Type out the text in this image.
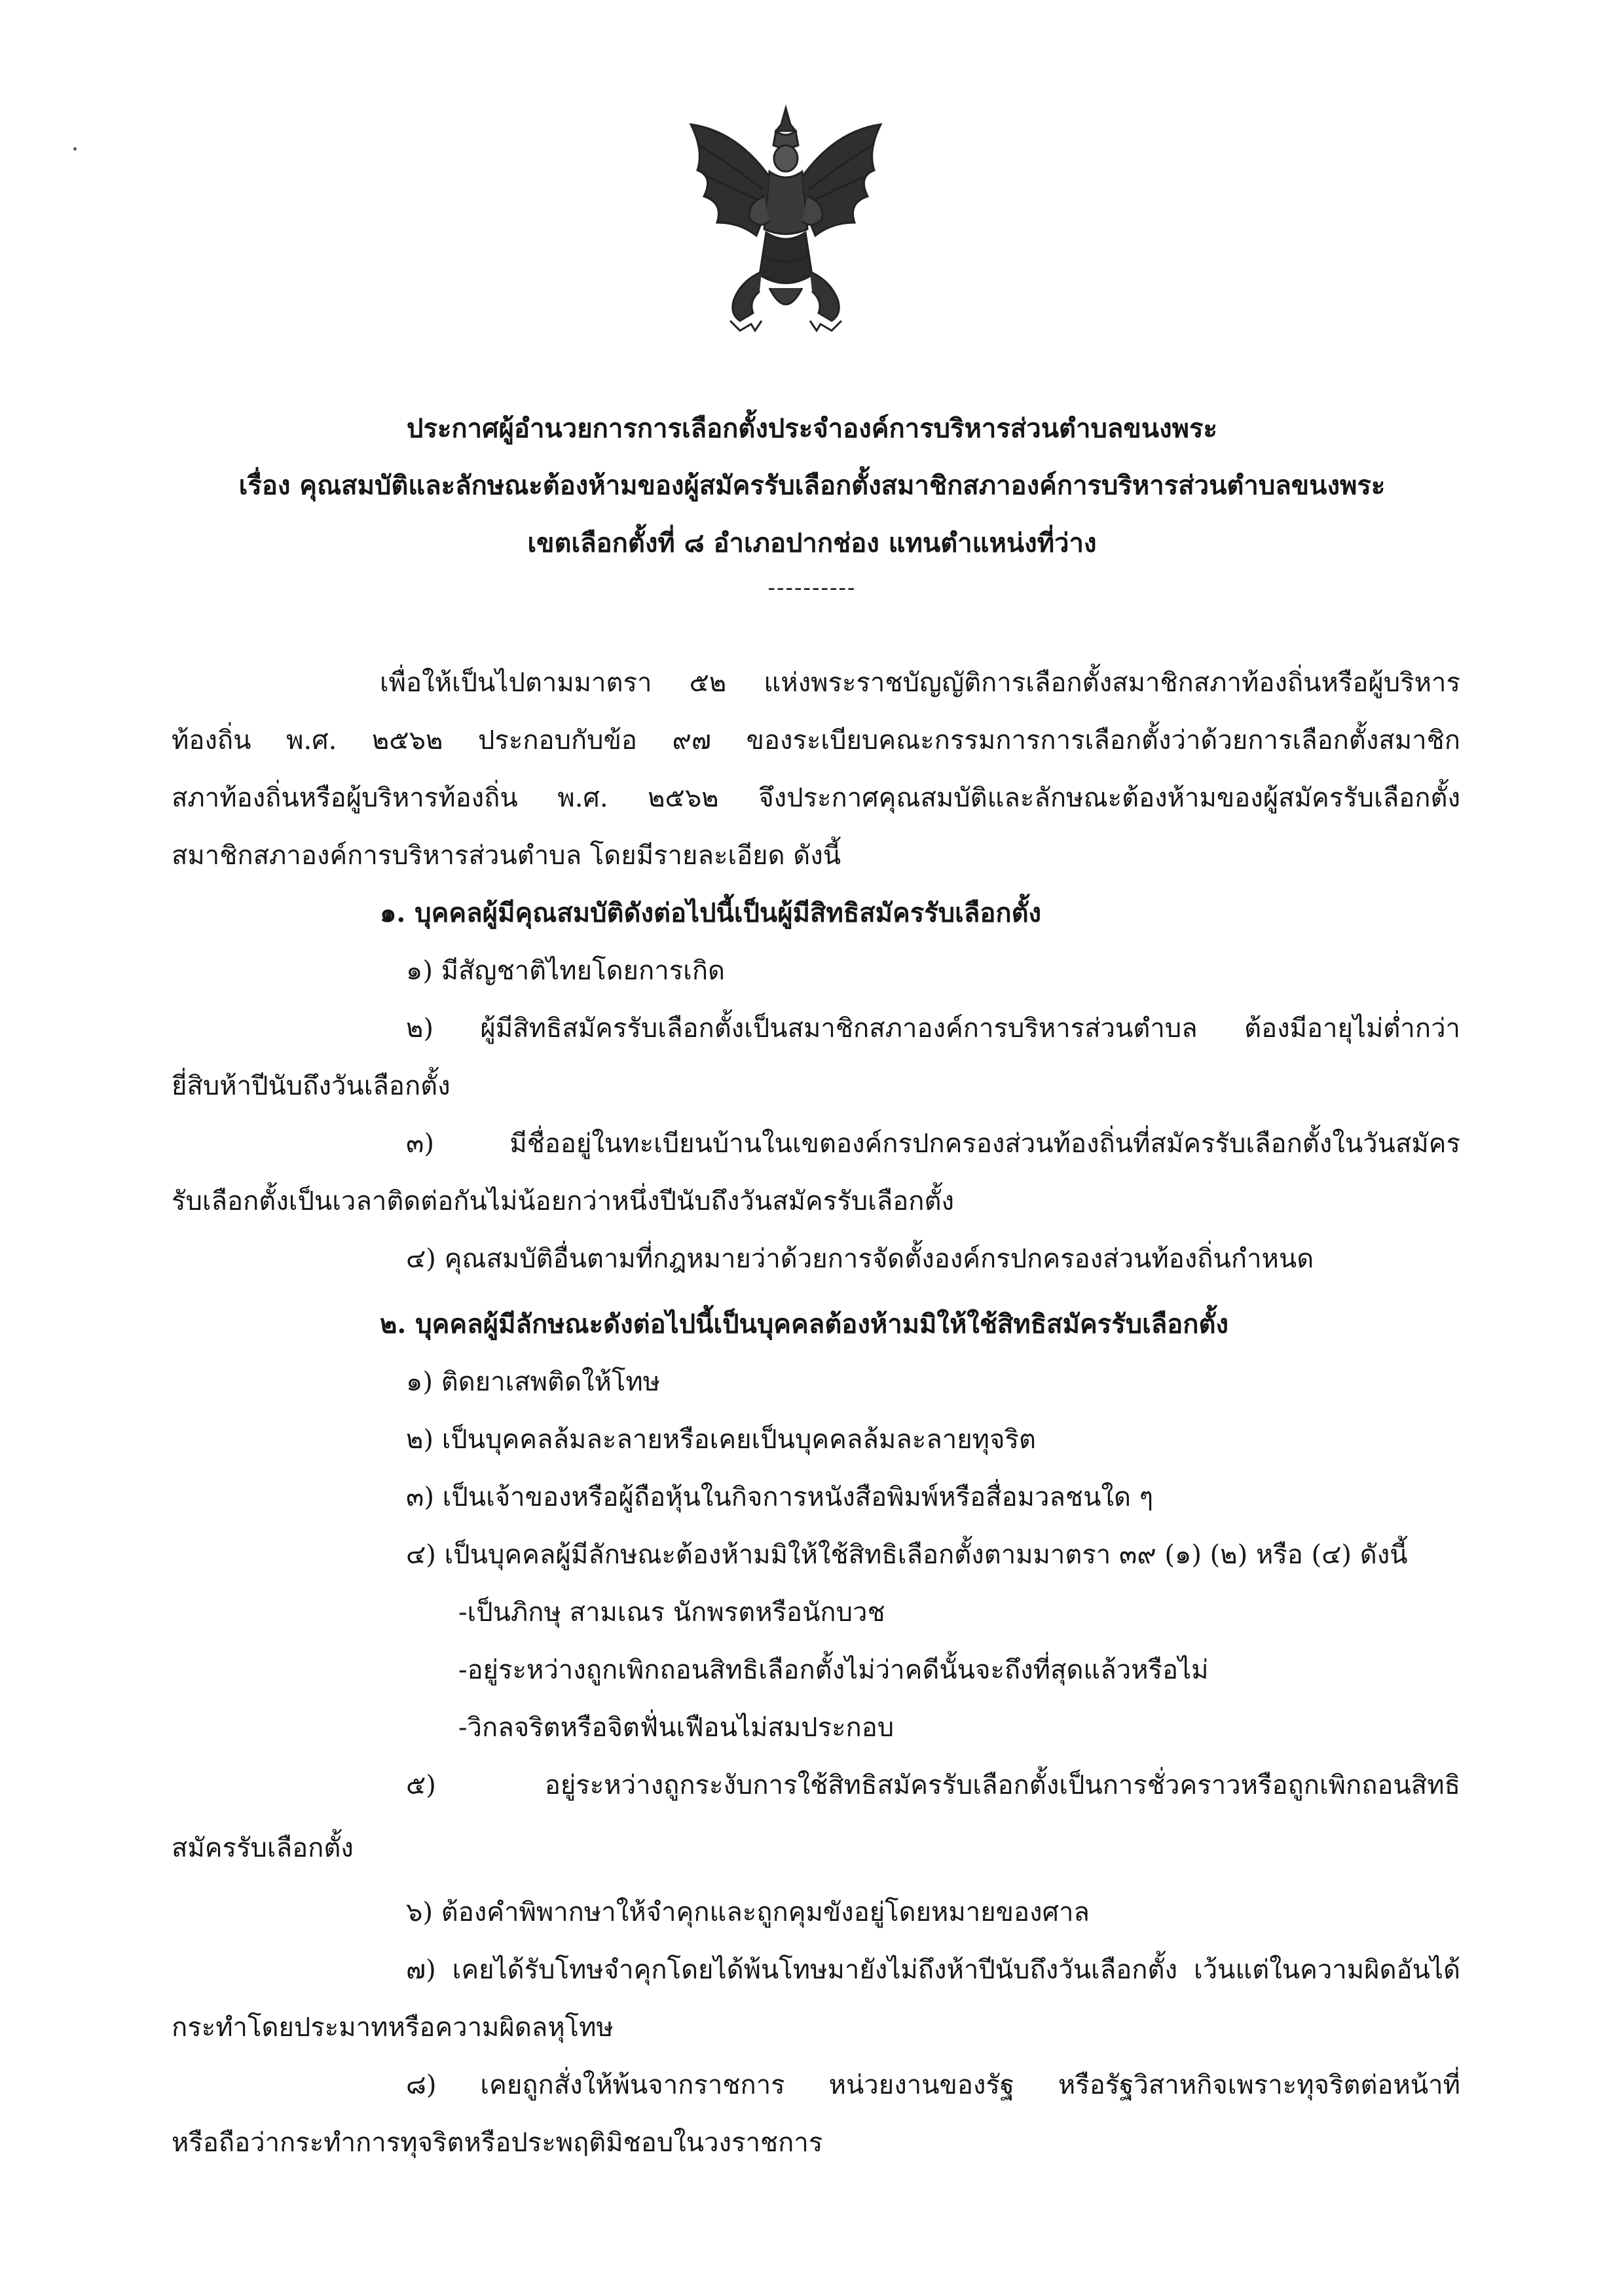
ประกาศผู้อำนวยการการเลือกตั้งประจำองค์การบริหารส่วนตำบลขนงพระ
เรื่อง คุณสมบัติและลักษณะต้องห้ามของผู้สมัครรับเลือกตั้งสมาชิกสภาองค์การบริหารส่วนตำบลขนงพระ
เขตเลือกตั้งที่ ๘ อำเภอปากช่อง แทนตำแหน่งที่ว่าง
----------
เพื่อให้เป็นไปตามมาตรา ๕๒ แห่งพระราชบัญญัติการเลือกตั้งสมาชิกสภาท้องถิ่นหรือผู้บริหาร
ท้องถิ่น พ.ศ. ๒๕๖๒ ประกอบกับข้อ ๙๗ ของระเบียบคณะกรรมการการเลือกตั้งว่าด้วยการเลือกตั้งสมาชิก
สภาท้องถิ่นหรือผู้บริหารท้องถิ่น พ.ศ. ๒๕๖๒ จึงประกาศคุณสมบัติและลักษณะต้องห้ามของผู้สมัครรับเลือกตั้ง
สมาชิกสภาองค์การบริหารส่วนตำบล โดยมีรายละเอียด ดังนี้
๑. บุคคลผู้มีคุณสมบัติดังต่อไปนี้เป็นผู้มีสิทธิสมัครรับเลือกตั้ง
๑) มีสัญชาติไทยโดยการเกิด
๒) ผู้มีสิทธิสมัครรับเลือกตั้งเป็นสมาชิกสภาองค์การบริหารส่วนตำบล ต้องมีอายุไม่ต่ำกว่า
ยี่สิบห้าปีนับถึงวันเลือกตั้ง
๓) มีชื่ออยู่ในทะเบียนบ้านในเขตองค์กรปกครองส่วนท้องถิ่นที่สมัครรับเลือกตั้งในวันสมัคร
รับเลือกตั้งเป็นเวลาติดต่อกันไม่น้อยกว่าหนึ่งปีนับถึงวันสมัครรับเลือกตั้ง
๔) คุณสมบัติอื่นตามที่กฎหมายว่าด้วยการจัดตั้งองค์กรปกครองส่วนท้องถิ่นกำหนด
๒. บุคคลผู้มีลักษณะดังต่อไปนี้เป็นบุคคลต้องห้ามมิให้ใช้สิทธิสมัครรับเลือกตั้ง
๑) ติดยาเสพติดให้โทษ
๒) เป็นบุคคลล้มละลายหรือเคยเป็นบุคคลล้มละลายทุจริต
๓) เป็นเจ้าของหรือผู้ถือหุ้นในกิจการหนังสือพิมพ์หรือสื่อมวลชนใด ๆ
๔) เป็นบุคคลผู้มีลักษณะต้องห้ามมิให้ใช้สิทธิเลือกตั้งตามมาตรา ๓๙ (๑) (๒) หรือ (๔) ดังนี้
-เป็นภิกษุ สามเณร นักพรตหรือนักบวช
-อยู่ระหว่างถูกเพิกถอนสิทธิเลือกตั้งไม่ว่าคดีนั้นจะถึงที่สุดแล้วหรือไม่
-วิกลจริตหรือจิตฟั่นเฟือนไม่สมประกอบ
๕) อยู่ระหว่างถูกระงับการใช้สิทธิสมัครรับเลือกตั้งเป็นการชั่วคราวหรือถูกเพิกถอนสิทธิ
สมัครรับเลือกตั้ง
๖) ต้องคำพิพากษาให้จำคุกและถูกคุมขังอยู่โดยหมายของศาล
๗) เคยได้รับโทษจำคุกโดยได้พ้นโทษมายังไม่ถึงห้าปีนับถึงวันเลือกตั้ง เว้นแต่ในความผิดอันได้
กระทำโดยประมาทหรือความผิดลหุโทษ
๘) เคยถูกสั่งให้พ้นจากราชการ หน่วยงานของรัฐ หรือรัฐวิสาหกิจเพราะทุจริตต่อหน้าที่
หรือถือว่ากระทำการทุจริตหรือประพฤติมิชอบในวงราชการ
